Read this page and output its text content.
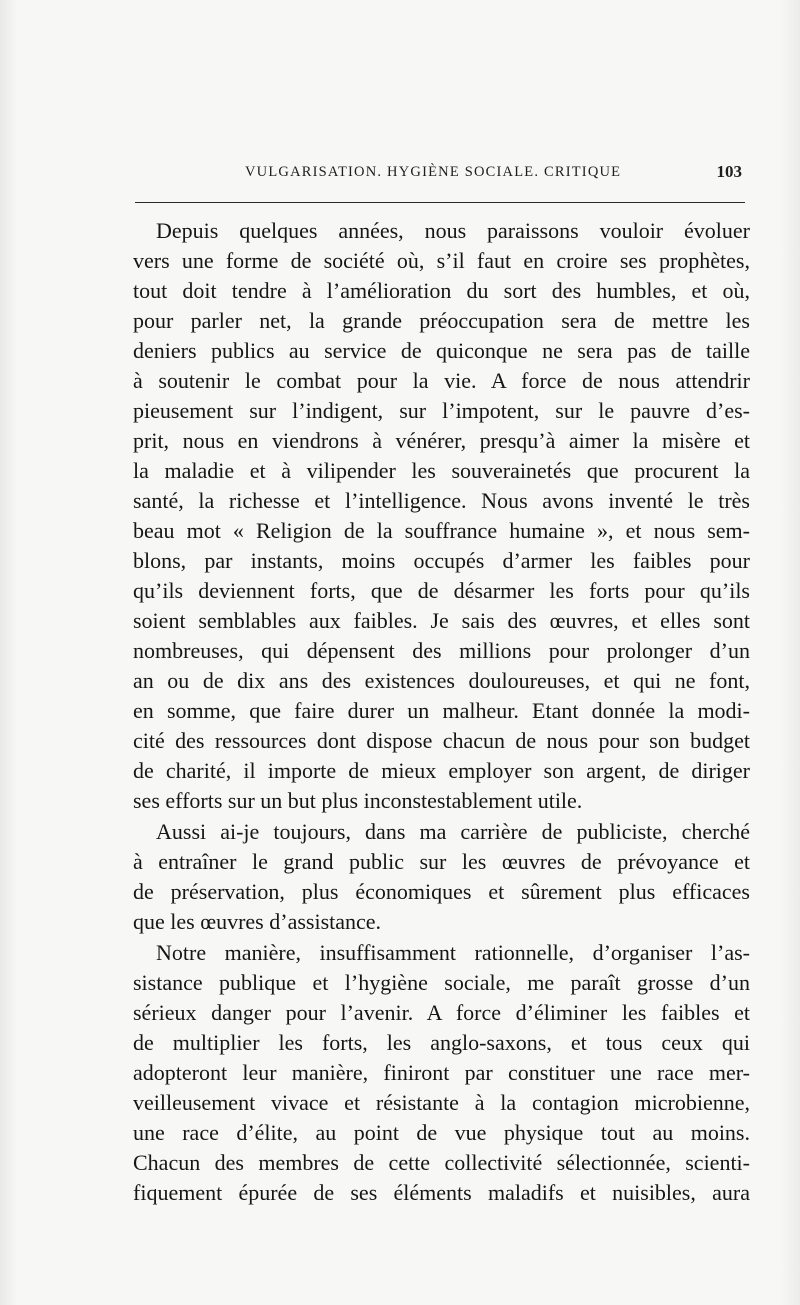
VULGARISATION. HYGIÈNE SOCIALE. CRITIQUE	103
Depuis quelques années, nous paraissons vouloir évoluer
vers une forme de société où, s’il faut en croire ses prophètes,
tout doit tendre à l’amélioration du sort des humbles, et où,
pour parler net, la grande préoccupation sera de mettre les
deniers publics au service de quiconque ne sera pas de taille
à soutenir le combat pour la vie. A force de nous attendrir
pieusement sur l’indigent, sur l’impotent, sur le pauvre d’es-
prit, nous en viendrons à vénérer, presqu’à aimer la misère et
la maladie et à vilipender les souverainetés que procurent la
santé, la richesse et l’intelligence. Nous avons inventé le très
beau mot « Religion de la souffrance humaine », et nous sem-
blons, par instants, moins occupés d’armer les faibles pour
qu’ils deviennent forts, que de désarmer les forts pour qu’ils
soient semblables aux faibles. Je sais des œuvres, et elles sont
nombreuses, qui dépensent des millions pour prolonger d’un
an ou de dix ans des existences douloureuses, et qui ne font,
en somme, que faire durer un malheur. Etant donnée la modi-
cité des ressources dont dispose chacun de nous pour son budget
de charité, il importe de mieux employer son argent, de diriger
ses efforts sur un but plus inconstestablement utile.
Aussi ai-je toujours, dans ma carrière de publiciste, cherché
à entraîner le grand public sur les œuvres de prévoyance et
de préservation, plus économiques et sûrement plus efficaces
que les œuvres d’assistance.
Notre manière, insuffisamment rationnelle, d’organiser l’as-
sistance publique et l’hygiène sociale, me paraît grosse d’un
sérieux danger pour l’avenir. A force d’éliminer les faibles et
de multiplier les forts, les anglo-saxons, et tous ceux qui
adopteront leur manière, finiront par constituer une race mer-
veilleusement vivace et résistante à la contagion microbienne,
une race d’élite, au point de vue physique tout au moins.
Chacun des membres de cette collectivité sélectionnée, scienti-
fiquement épurée de ses éléments maladifs et nuisibles, aura
